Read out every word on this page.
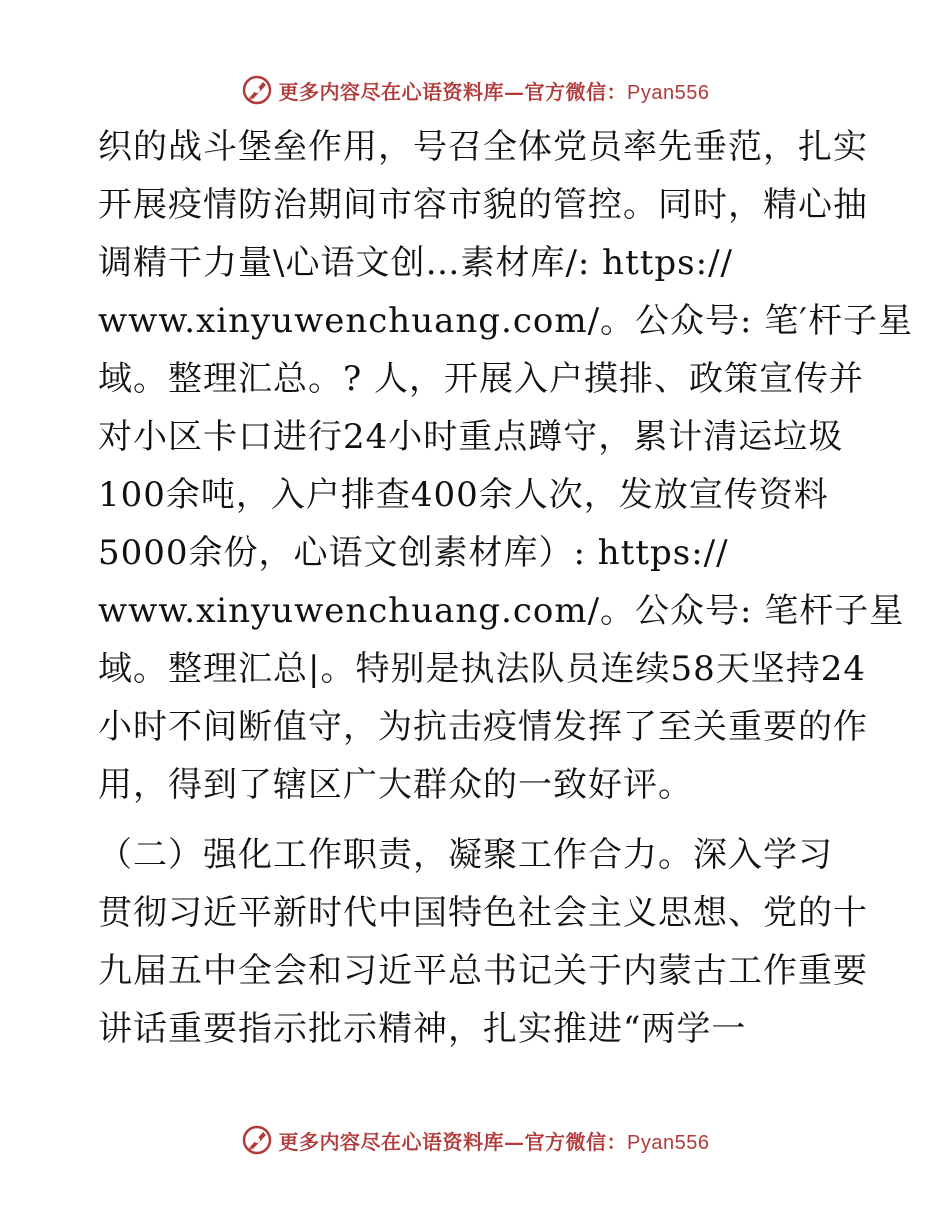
更多内容尽在心语资料库—官方微信：Pyan556
织的战斗堡垒作用，号召全体党员率先垂范，扎实
开展疫情防治期间市容市貌的管控。同时，精心抽
调精干力量\心语文创…素材库/: https://
www.xinyuwenchuang.com/。公众号: 笔′杆子星
域。整理汇总。? 人，开展入户摸排、政策宣传并
对小区卡口进行24小时重点蹲守，累计清运垃圾
100余吨，入户排查400余人次，发放宣传资料
5000余份，心语文创素材库）: https://
www.xinyuwenchuang.com/。公众号: 笔杆子星
域。整理汇总|。特别是执法队员连续58天坚持24
小时不间断值守，为抗击疫情发挥了至关重要的作
用，得到了辖区广大群众的一致好评。
（二）强化工作职责，凝聚工作合力。深入学习
贯彻习近平新时代中国特色社会主义思想、党的十
九届五中全会和习近平总书记关于内蒙古工作重要
讲话重要指示批示精神，扎实推进“两学一
更多内容尽在心语资料库—官方微信：Pyan556
